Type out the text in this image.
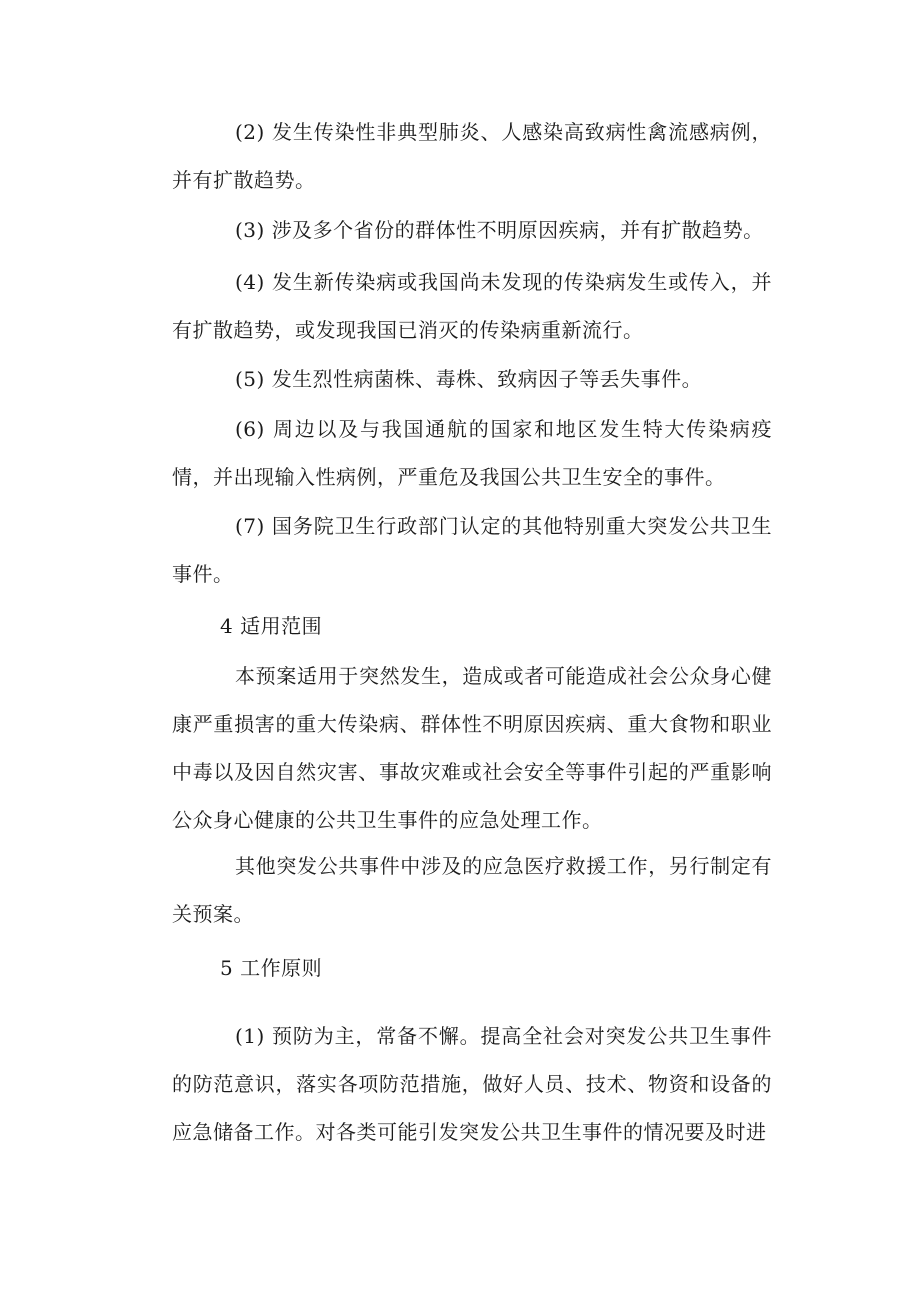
(2) 发生传染性非典型肺炎、人感染高致病性禽流感病例，并有扩散趋势。

(3) 涉及多个省份的群体性不明原因疾病，并有扩散趋势。

(4) 发生新传染病或我国尚未发现的传染病发生或传入，并有扩散趋势，或发现我国已消灭的传染病重新流行。

(5) 发生烈性病菌株、毒株、致病因子等丢失事件。

(6) 周边以及与我国通航的国家和地区发生特大传染病疫情，并出现输入性病例，严重危及我国公共卫生安全的事件。

(7) 国务院卫生行政部门认定的其他特别重大突发公共卫生事件。

4 适用范围

本预案适用于突然发生，造成或者可能造成社会公众身心健康严重损害的重大传染病、群体性不明原因疾病、重大食物和职业中毒以及因自然灾害、事故灾难或社会安全等事件引起的严重影响公众身心健康的公共卫生事件的应急处理工作。

其他突发公共事件中涉及的应急医疗救援工作，另行制定有关预案。

5 工作原则

(1) 预防为主，常备不懈。提高全社会对突发公共卫生事件的防范意识，落实各项防范措施，做好人员、技术、物资和设备的应急储备工作。对各类可能引发突发公共卫生事件的情况要及时进
